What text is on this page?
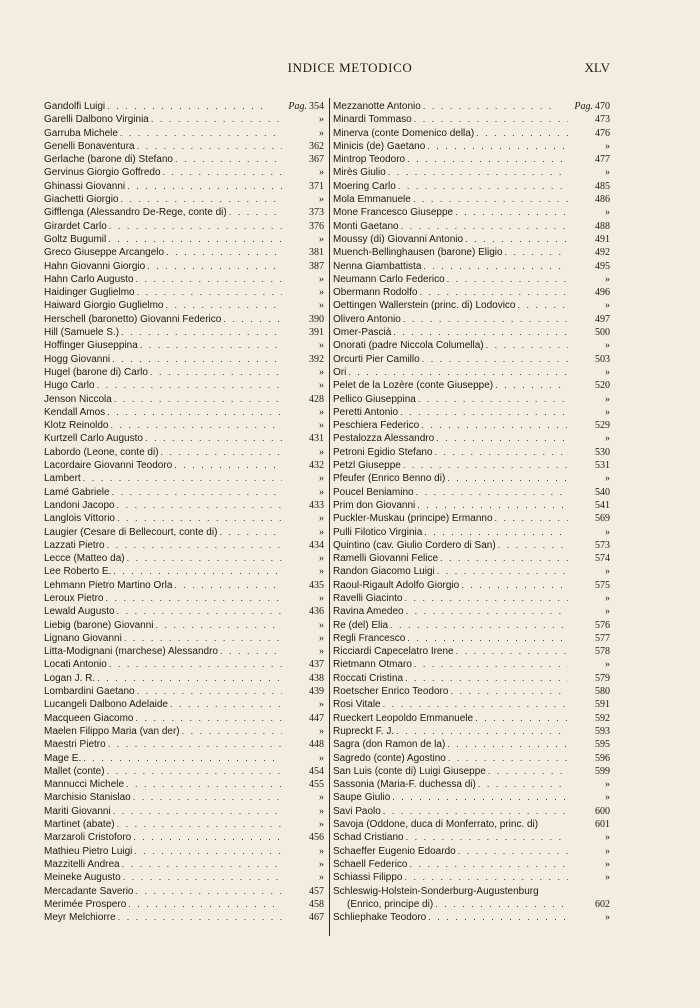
INDICE METODICO	XLV
Gandolfi Luigi . . .	Pag. 354
Garelli Dalbono Virginia . . .	»
Garruba Michele . . .	»
Genelli Bonaventura . . .	362
Gerlache (barone di) Stefano . . .	367
Gervinus Giorgio Goffredo . . .	»
Ghinassi Giovanni . . .	371
Giachetti Giorgio . . .	»
Gifflenga (Alessandro De-Rege, conte di) . . .	373
Girardet Carlo . . .	376
Goltz Bugumil . . .	»
Greco Giuseppe Arcangelo . . .	381
Hahn Giovanni Giorgio . . .	387
Hahn Carlo Augusto . . .	»
Haidinger Guglielmo . . .	»
Haiward Giorgio Guglielmo . . .	»
Herschell (baronetto) Giovanni Federico . . .	390
Hill (Samuele S.) . . .	391
Hoffinger Giuseppina . . .	»
Hogg Giovanni . . .	392
Hugel (barone di) Carlo . . .	»
Hugo Carlo . . .	»
Jenson Niccola . . .	428
Kendall Amos . . .	»
Klotz Reinoldo . . .	»
Kurtzell Carlo Augusto . . .	431
Labordo (Leone, conte di) . . .	»
Lacordaire Giovanni Teodoro . . .	432
Lambert . . .	»
Lamé Gabriele . . .	»
Landoni Jacopo . . .	433
Langlois Vittorio . . .	»
Laugier (Cesare di Bellecourt, conte di) . . .	»
Lazzati Pietro . . .	434
Lecce (Matteo da) . . .	»
Lee Roberto E. . . .	»
Lehmann Pietro Martino Orla . . .	435
Leroux Pietro . . .	»
Lewald Augusto . . .	436
Liebig (barone) Giovanni . . .	»
Lignano Giovanni . . .	»
Litta-Modignani (marchese) Alessandro . . .	»
Locati Antonio . . .	437
Logan J. R. . . .	438
Lombardini Gaetano . . .	439
Lucangeli Dalbono Adelaide . . .	»
Macqueen Giacomo . . .	447
Maelen Filippo Maria (van der) . . .	»
Maestri Pietro . . .	448
Mage E. . . .	»
Mallet (conte) . . .	454
Mannucci Michele . . .	455
Marchisio Stanislao . . .	»
Mariti Giovanni . . .	»
Martinet (abate) . . .	»
Marzaroli Cristoforo . . .	456
Mathieu Pietro Luigi . . .	»
Mazzitelli Andrea . . .	»
Meineke Augusto . . .	»
Mercadante Saverio . . .	457
Merimée Prospero . . .	458
Meyr Melchiorre . . .	467
Mezzanotte Antonio . . .	Pag. 470
Minardi Tommaso . . .	473
Minerva (conte Domenico della) . . .	476
Minicis (de) Gaetano . . .	»
Mintrop Teodoro . . .	477
Mirès Giulio . . .	»
Moering Carlo . . .	485
Mola Emmanuele . . .	486
Mone Francesco Giuseppe . . .	»
Monti Gaetano . . .	488
Moussy (di) Giovanni Antonio . . .	491
Muench-Bellinghausen (barone) Eligio . . .	492
Nenna Giambattista . . .	495
Neumann Carlo Federico . . .	»
Obermann Rodolfo . . .	496
Oettingen Wallerstein (princ. di) Lodovico . . .	»
Olivero Antonio . . .	497
Omer-Pascià . . .	500
Onorati (padre Niccola Columella) . . .	»
Orcurti Pier Camillo . . .	503
Ori . . .	»
Pelet de la Lozère (conte Giuseppe) . . .	520
Pellico Giuseppina . . .	»
Peretti Antonio . . .	»
Peschiera Federico . . .	529
Pestalozza Alessandro . . .	»
Petroni Egidio Stefano . . .	530
Petzl Giuseppe . . .	531
Pfeufer (Enrico Benno di) . . .	»
Poucel Beniamino . . .	540
Prim don Giovanni . . .	541
Puckler-Muskau (principe) Ermanno . . .	569
Pulli Filotico Virginia . . .	»
Quintino (cav. Giulio Cordero di San) . . .	573
Ramelli Giovanni Felice . . .	574
Randon Giacomo Luigi . . .	»
Raoul-Rigault Adolfo Giorgio . . .	575
Ravelli Giacinto . . .	»
Ravina Amedeo . . .	»
Re (del) Elia . . .	576
Regli Francesco . . .	577
Ricciardi Capecelatro Irene . . .	578
Rietmann Otmaro . . .	»
Roccati Cristina . . .	579
Roetscher Enrico Teodoro . . .	580
Rosi Vitale . . .	591
Rueckert Leopoldo Emmanuele . . .	592
Rupreckt F. J. . . .	593
Sagra (don Ramon de la) . . .	595
Sagredo (conte) Agostino . . .	596
San Luis (conte di) Luigi Giuseppe . . .	599
Sassonia (Maria-F. duchessa di) . . .	»
Saupe Giulio . . .	»
Savi Paolo . . .	600
Savoja (Oddone, duca di Monferrato, princ. di)	601
Schad Cristiano . . .	»
Schaeffer Eugenio Edoardo . . .	»
Schaell Federico . . .	»
Schiassi Filippo . . .	»
Schleswig-Holstein-Sonderburg-Augustenburg
(Enrico, principe di) . . .	602
Schliephake Teodoro . . .	»
